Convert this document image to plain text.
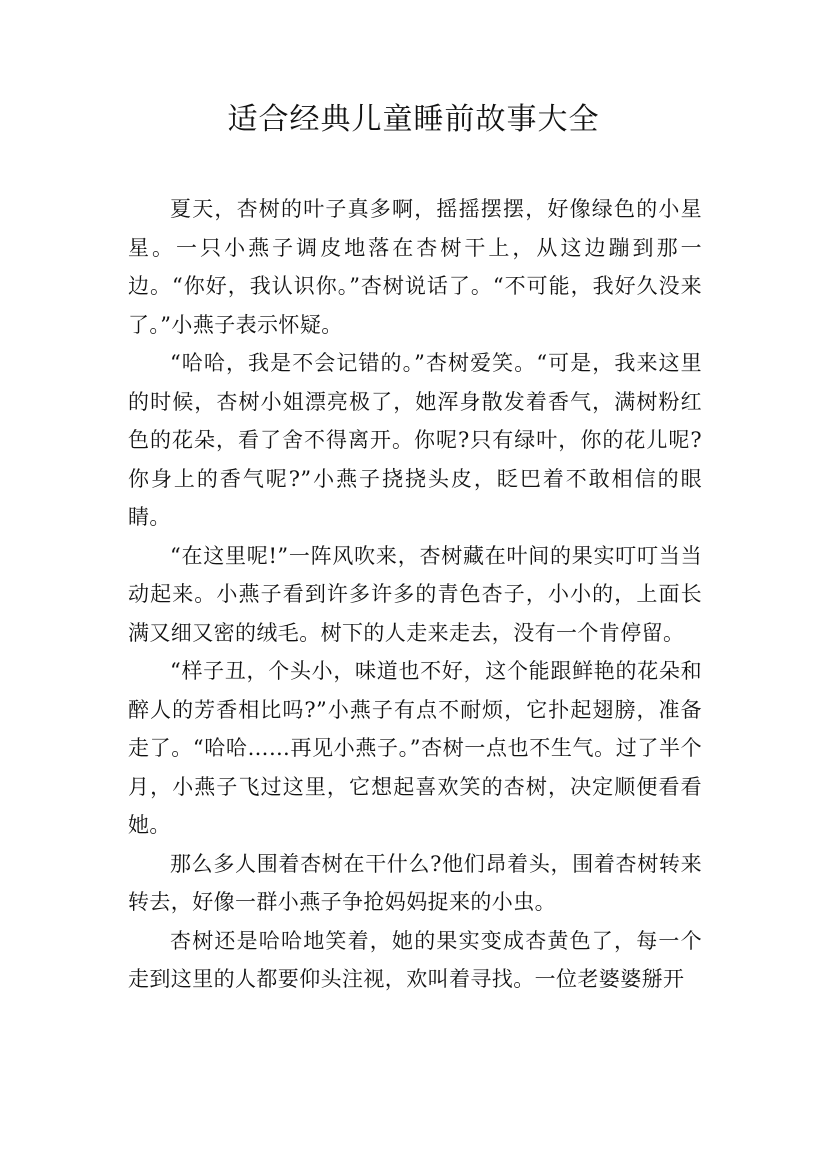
适合经典儿童睡前故事大全

夏天，杏树的叶子真多啊，摇摇摆摆，好像绿色的小星星。一只小燕子调皮地落在杏树干上，从这边蹦到那一边。“你好，我认识你。”杏树说话了。“不可能，我好久没来了。”小燕子表示怀疑。

“哈哈，我是不会记错的。”杏树爱笑。“可是，我来这里的时候，杏树小姐漂亮极了，她浑身散发着香气，满树粉红色的花朵，看了舍不得离开。你呢?只有绿叶，你的花儿呢?你身上的香气呢?”小燕子挠挠头皮，眨巴着不敢相信的眼睛。

“在这里呢!”一阵风吹来，杏树藏在叶间的果实叮叮当当动起来。小燕子看到许多许多的青色杏子，小小的，上面长满又细又密的绒毛。树下的人走来走去，没有一个肯停留。

“样子丑，个头小，味道也不好，这个能跟鲜艳的花朵和醉人的芳香相比吗?”小燕子有点不耐烦，它扑起翅膀，准备走了。“哈哈……再见小燕子。”杏树一点也不生气。过了半个月，小燕子飞过这里，它想起喜欢笑的杏树，决定顺便看看她。

那么多人围着杏树在干什么?他们昂着头，围着杏树转来转去，好像一群小燕子争抢妈妈捉来的小虫。

杏树还是哈哈地笑着，她的果实变成杏黄色了，每一个走到这里的人都要仰头注视，欢叫着寻找。一位老婆婆掰开
